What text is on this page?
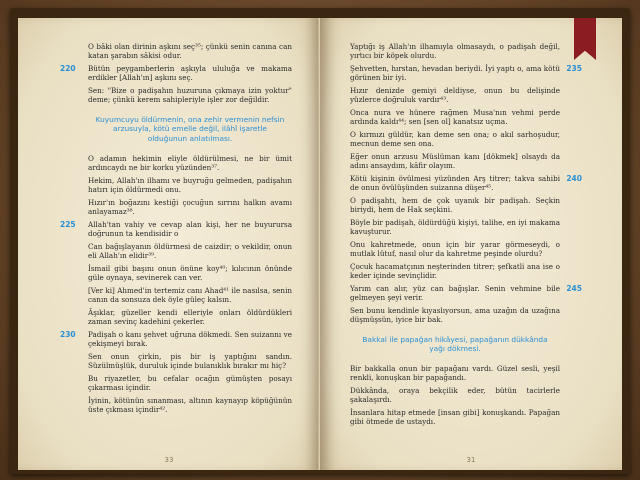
O bâki olan dirinin aşkını seç³⁵; çünkü senin canına can katan şarabın sâkisi odur.
Bütün peygamberlerin aşkıyla ululuğa ve makama erdikler [Allah'ın] aşkını seç.
220
Sen: "Bize o padişahın huzuruna çıkmaya izin yoktur" deme; çünkü kerem sahipleriyle işler zor değildir.
Kuyumcuyu öldürmenin, ona zehir vermenin nefsin arzusuyla, kötü emelle değil, ilâhî işaretle olduğunun anlatılması.
O adamın hekimin eliyle öldürülmesi, ne bir ümit ardıncaydı ne bir korku yüzünden³⁷.
Hekim, Allah'ın ilhamı ve buyruğu gelmeden, padişahın hatırı için öldürmedi onu.
Hızır'ın boğazını kestiği çocuğun sırrını halkın avamı anlayamaz³⁸.
Allah'tan vahiy ve cevap alan kişi, her ne buyurursa doğrunun ta kendisidir o
225
Can bağışlayanın öldürmesi de caizdir; o vekildir, onun eli Allah'ın elidir³⁹.
İsmail gibi başını onun önüne koy⁴⁰; kılıcının önünde güle oynaya, sevinerek can ver.
[Ver ki] Ahmed'in tertemiz canı Ahad⁴¹ ile nasılsa, senin canın da sonsuza dek öyle güleç kalsın.
Âşıklar, güzeller kendi elleriyle onları öldürdükleri zaman sevinç kadehini çekerler.
Padişah o kanı şehvet uğruna dökmedi. Sen suizannı ve çekişmeyi bırak.
230
Sen onun çirkin, pis bir iş yaptığını sandın. Süzülmüşlük, duruluk içinde bulanıklık bırakır mı hiç?
Bu riyazetler, bu cefalar ocağın gümüşten posayı çıkarması içindir.
İyinin, kötünün sınanması, altının kaynayıp köpüğünün üste çıkması içindir⁴².
33
Yaptığı iş Allah'ın ilhamıyla olmasaydı, o padişah değil, yırtıcı bir köpek olurdu.
Şehvetten, hırstan, hevadan beriydi. İyi yaptı o, ama kötü görünen bir iyi.
235
Hızır denizde gemiyi deldiyse, onun bu delişinde yüzlerce doğruluk vardır⁴³.
Onca nura ve hünere rağmen Musa'nın vehmi perde ardında kaldı⁴⁴; sen [sen ol] kanatsız uçma.
O kırmızı güldür, kan deme sen ona; o akıl sarhoşudur, mecnun deme sen ona.
Eğer onun arzusu Müslüman kanı [dökmek] olsaydı da adını ansaydım, kâfir olayım.
Kötü kişinin övülmesi yüzünden Arş titrer; takva sahibi de onun övülüşünden suizanna düşer⁴⁵.
240
O padişahtı, hem de çok uyanık bir padişah. Seçkin biriydi, hem de Hak seçkini.
Böyle bir padişah, öldürdüğü kişiyi, talihe, en iyi makama kavuşturur.
Onu kahretmede, onun için bir yarar görmeseydi, o mutlak lütuf, nasıl olur da kahretme peşinde olurdu?
Çocuk hacamatçının neşterinden titrer; şefkatli ana ise o keder içinde sevinçlidir.
Yarım can alır, yüz can bağışlar. Senin vehmine bile gelmeyen şeyi verir.
245
Sen bunu kendinle kıyaslıyorsun, ama uzağın da uzağına düşmüşsün, iyice bir bak.
Bakkal ile papağan hikâyesi, papağanın dükkânda yağı dökmesi.
Bir bakkalla onun bir papağanı vardı. Güzel sesli, yeşil renkli, konuşkan bir papağandı.
Dükkânda, oraya bekçilik eder, bütün tacirlerle şakalaşırdı.
İnsanlara hitap etmede [insan gibi] konuşkandı. Papağan gibi ötmede de ustaydı.
31
